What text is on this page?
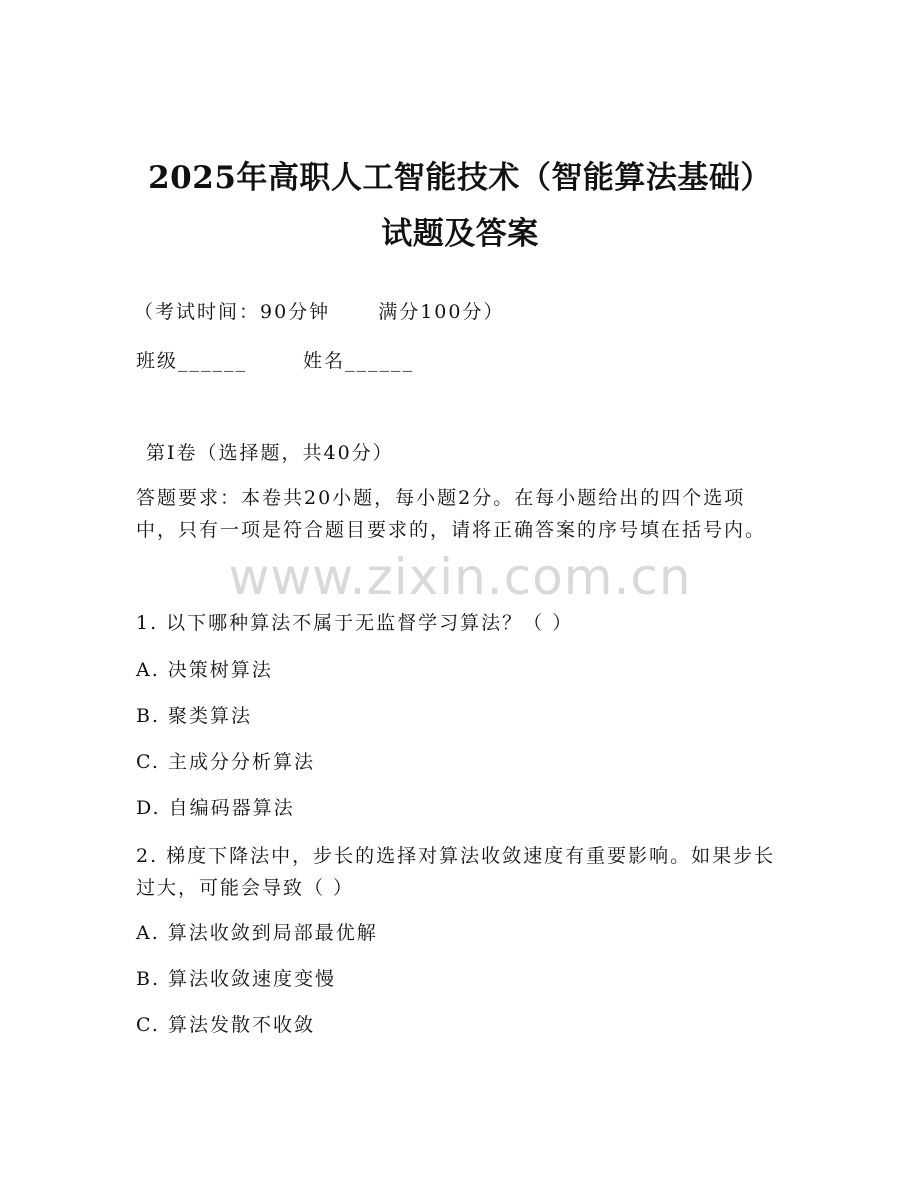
2025年高职人工智能技术（智能算法基础）
试题及答案
（考试时间：90分钟	满分100分）
班级______	姓名______
第I卷（选择题，共40分）
答题要求：本卷共20小题，每小题2分。在每小题给出的四个选项中，只有一项是符合题目要求的，请将正确答案的序号填在括号内。
www.zixin.com.cn
1. 以下哪种算法不属于无监督学习算法？（ ）
A. 决策树算法
B. 聚类算法
C. 主成分分析算法
D. 自编码器算法
2. 梯度下降法中，步长的选择对算法收敛速度有重要影响。如果步长过大，可能会导致（ ）
A. 算法收敛到局部最优解
B. 算法收敛速度变慢
C. 算法发散不收敛
